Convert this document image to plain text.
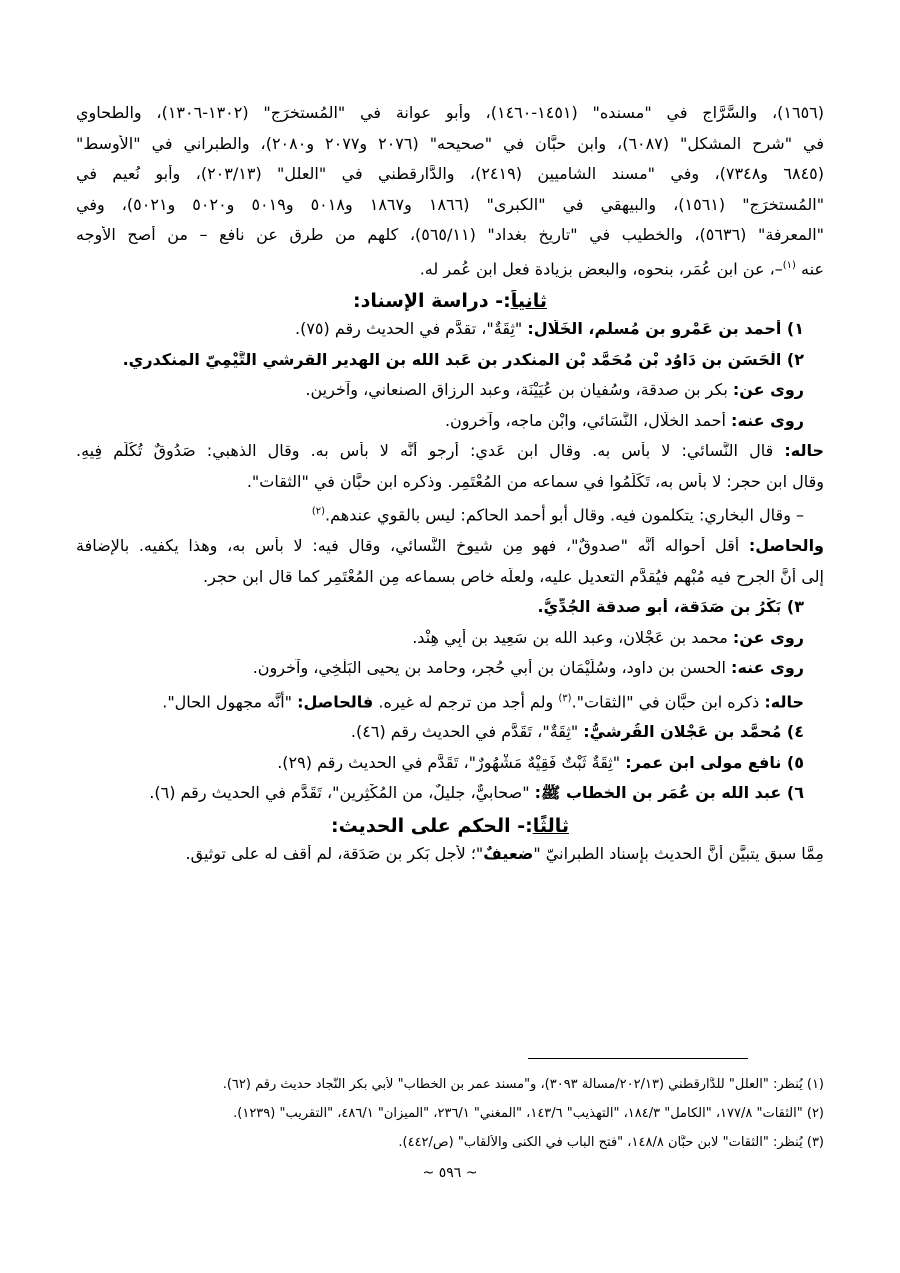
(١٦٥٦)، والسَّرَّاج في "مسنده" (١٤٥١-١٤٦٠)، وأبو عوانة في "المُستخرَج" (١٣٠٢-١٣٠٦)، والطحاوي

في "شرح المشكل" (٦٠٨٧)، وابن حبَّان في "صحيحه" (٢٠٧٦ و٢٠٧٧ و٢٠٨٠)، والطبراني في "الأوسط"

(٦٨٤٥ و٧٣٤٨)، وفي "مسند الشاميين (٢٤١٩)، والدَّارقطني في "العلل" (٢٠٣/١٣)، وأبو نُعيم في

"المُستخرَج" (١٥٦١)، والبيهقي في "الكبرى" (١٨٦٦ و١٨٦٧ و٥٠١٨ و٥٠١٩ و٥٠٢٠ و٥٠٢١)، وفي

"المعرفة" (٥٦٣٦)، والخطيب في "تاريخ بغداد" (٥٦٥/١١)، كلهم من طرقٍ عن نافع – من أصح الأوجه

عنه $^{(١)}$–، عن ابن عُمَر، بنحوه، والبعض بزيادة فعل ابن عُمر له.

ثانياً:- دراسة الإسناد:

١) أحمد بن عَمْرو بن مُسلم، الخَلَّال: "ثِقَةٌ"، تقدَّم في الحديث رقم (٧٥).

٢) الْحَسَن بن دَاوُد بْن مُحَمَّد بْن المنكدر بن عَبد الله بن الهدير القرشي التَّيْمِيّ المنكدري.

روى عن: بكر بن صدقة، وسُفيان بن عُيَيْنَة، وعبد الرزاق الصنعاني، وآخرين.

روى عنه: أحمد الخلَّال، النَّسَائي، وابْن ماجه، وآخرون.

حاله: قال النَّسائي: لا بأس به. وقال ابن عَدي: أرجو أنَّه لا بأس به. وقال الذهبي: صَدُوقٌ تُكُلِّم فِيهِ.

وقال ابن حجر: لا بأس به، تَكَلَّمُوا في سماعه من المُعْتَمِر. وذكره ابن حبَّان في "الثقات".

– وقال البخاري: يتكلمون فيه. وقال أبو أحمد الحاكم: ليس بالقوي عندهم.$^{(٢)}$

والحاصل: أقل أحواله أنَّه "صدوقٌ"، فهو مِن شيوخ النَّسائي، وقال فيه: لا بأس به، وهذا يكفيه. بالإضافة

إلى أنَّ الجرح فيه مُبْهم فيُقدَّم التعديل عليه، ولعلَّه خاص بسماعه مِن المُعْتَمِر كما قال ابن حجر.

٣) بَكْرُ بن صَدَقة، أبو صدقة الجُدِّيُّ.

روى عن: محمد بن عَجْلان، وعبد الله بن سَعِيد بن أَبِي هِنْد.

روى عنه: الحسن بن داود، وسُلَيْمَان بن أبي حُجر، وحامد بن يحيى البَلْخِي، وآخرون.

حاله: ذكره ابن حبَّان في "الثقات".$^{(٣)}$ ولم أجد من ترجم له غيره. فالحاصل: "أنَّه مجهول الحال".

٤) مُحمَّد بن عَجْلان القُرشيُّ: "ثِقَةٌ"، تَقَدَّم في الحديث رقم (٤٦).

٥) نافع مولى ابن عمر: "ثِقَةٌ ثَبْتٌ فَقِيْهٌ مَشْهُورٌ"، تَقَدَّم في الحديث رقم (٢٩).

٦) عبد الله بن عُمَر بن الخطاب ﷺ: "صحابيٌّ، جليلٌ، من المُكْثِرين"، تَقَدَّم في الحديث رقم (٦).

ثالثًا:- الحكم على الحديث:

مِمَّا سبق يتبيَّن أنَّ الحديث بإسناد الطبرانيّ "ضعيفٌ"؛ لأجل بَكر بن صَدَقة، لم أقف له على توثيق.

(١) يُنظر: "العلل" للدَّارقطني (٢٠٢/١٣/مسألة ٣٠٩٣)، و"مسند عمر بن الخطاب" لأبي بكر النَّجاد حديث رقم (٦٢).
(٢) "الثقات" ١٧٧/٨، "الكامل" ١٨٤/٣، "التهذيب" ١٤٣/٦، "المغني" ٢٣٦/١، "الميزان" ٤٨٦/١، "التقريب" (١٢٣٩).
(٣) يُنظر: "الثقات" لابن حبَّان ١٤٨/٨، "فتح الباب في الكنى والألقاب" (ص/٤٤٢).
~ ٥٩٦ ~
